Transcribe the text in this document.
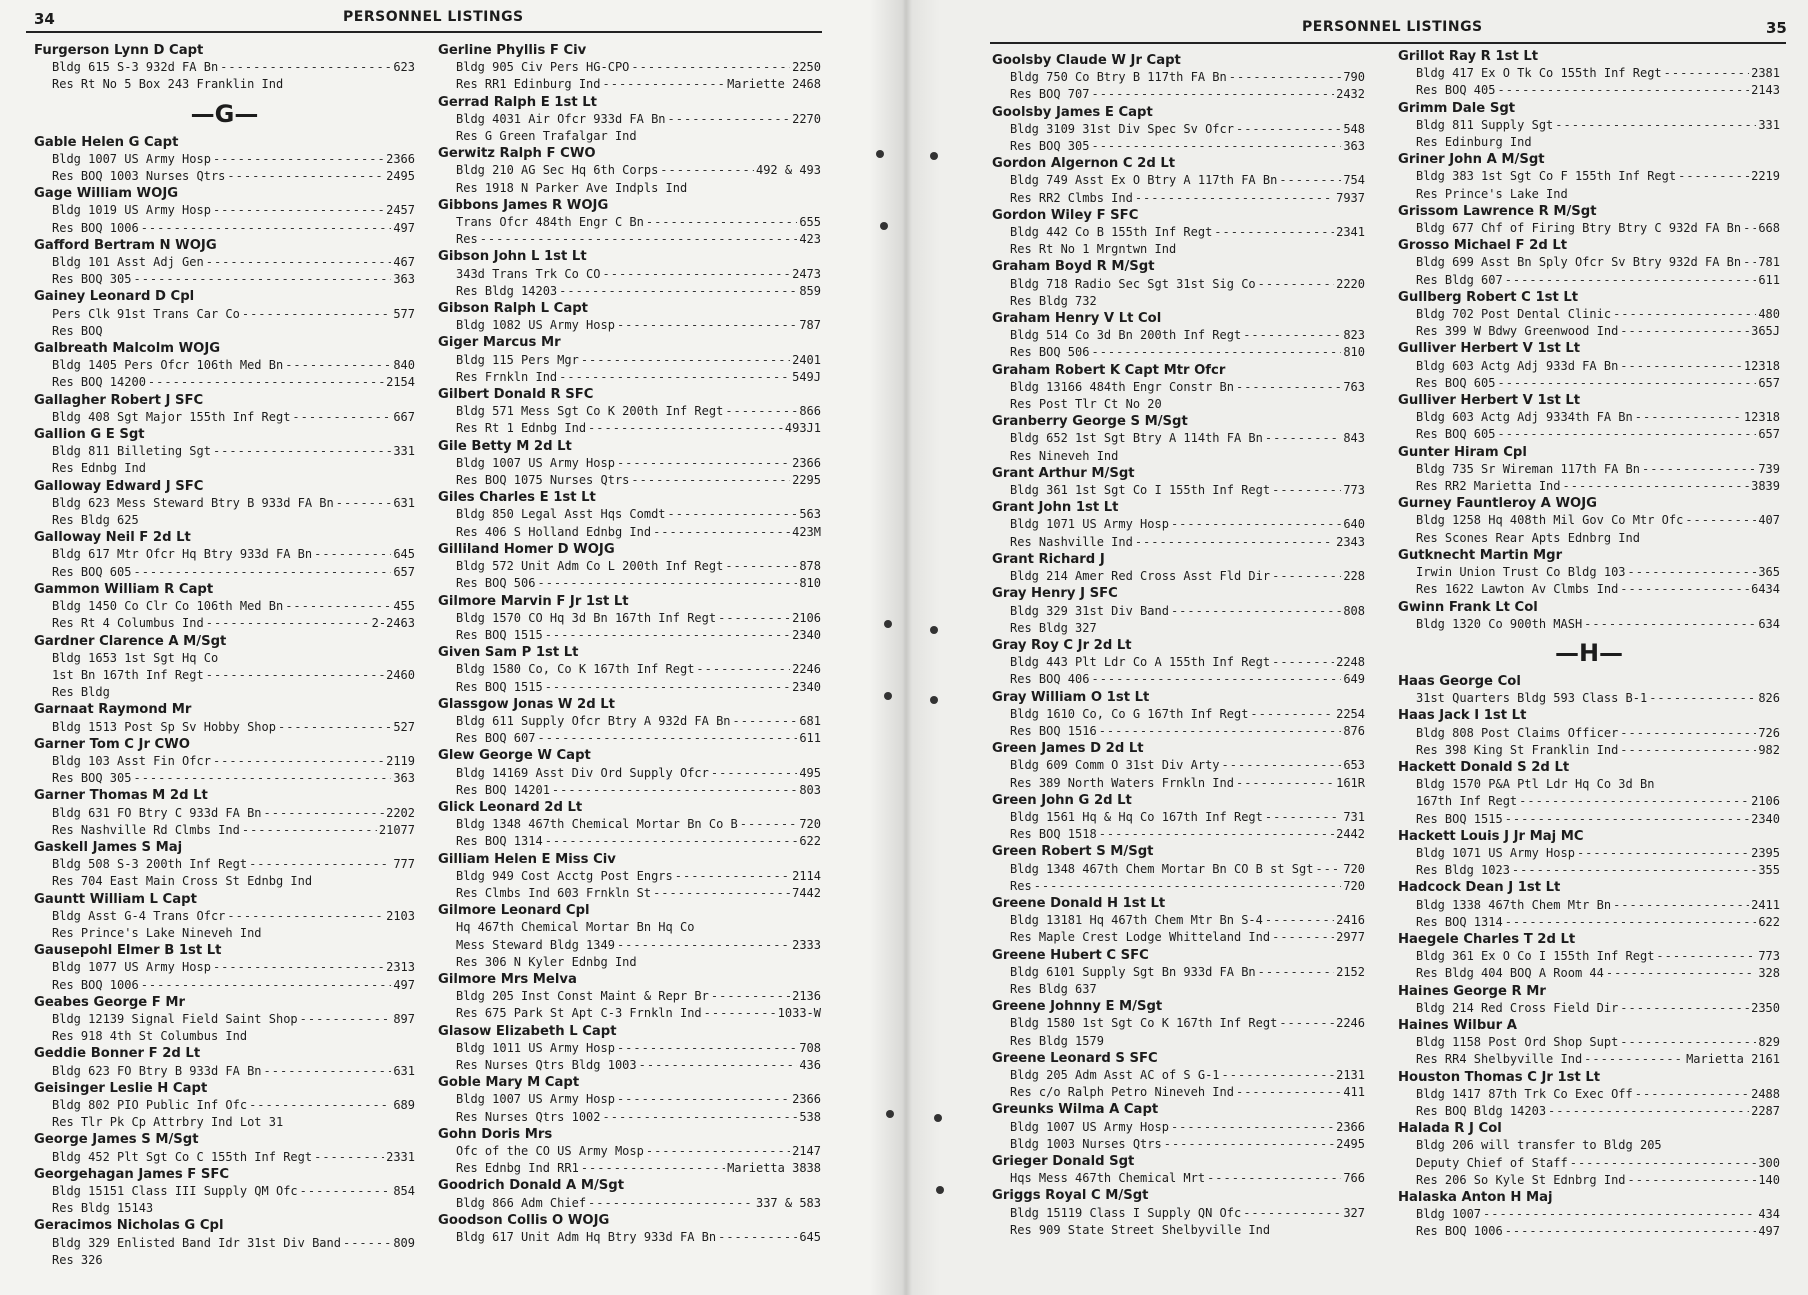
34	PERSONNEL LISTINGS
Furgerson Lynn D Capt
Bldg 615 S-3 932d FA Bn -----	623
Res Rt No 5 Box 243 Franklin Ind
—G—
Gable Helen G Capt
Bldg 1007 US Army Hosp -----	2366
Res BOQ 1003 Nurses Qtrs -----	2495
Gage William WOJG
Bldg 1019 US Army Hosp -----	2457
Res BOQ 1006 -----	497
Gafford Bertram N WOJG
Bldg 101 Asst Adj Gen -----	467
Res BOQ 305 -----	363
Gainey Leonard D Cpl
Pers Clk 91st Trans Car Co -----	577
Res BOQ
Galbreath Malcolm WOJG
Bldg 1405 Pers Ofcr 106th Med Bn -----	840
Res BOQ 14200 -----	2154
Gallagher Robert J SFC
Bldg 408 Sgt Major 155th Inf Regt -----	667
Gallion G E Sgt
Bldg 811 Billeting Sgt -----	331
Res Ednbg Ind
Galloway Edward J SFC
Bldg 623 Mess Steward Btry B 933d FA Bn -----	631
Res Bldg 625
Galloway Neil F 2d Lt
Bldg 617 Mtr Ofcr Hq Btry 933d FA Bn -----	645
Res BOQ 605 -----	657
Gammon William R Capt
Bldg 1450 Co Clr Co 106th Med Bn -----	455
Res Rt 4 Columbus Ind -----	2-2463
Gardner Clarence A M/Sgt
Bldg 1653 1st Sgt Hq Co
1st Bn 167th Inf Regt -----	2460
Res Bldg
Garnaat Raymond Mr
Bldg 1513 Post Sp Sv Hobby Shop -----	527
Garner Tom C Jr CWO
Bldg 103 Asst Fin Ofcr -----	2119
Res BOQ 305 -----	363
Garner Thomas M 2d Lt
Bldg 631 FO Btry C 933d FA Bn -----	2202
Res Nashville Rd Clmbs Ind -----	21077
Gaskell James S Maj
Bldg 508 S-3 200th Inf Regt -----	777
Res 704 East Main Cross St Ednbg Ind
Gauntt William L Capt
Bldg Asst G-4 Trans Ofcr -----	2103
Res Prince's Lake Nineveh Ind
Gausepohl Elmer B 1st Lt
Bldg 1077 US Army Hosp -----	2313
Res BOQ 1006 -----	497
Geabes George F Mr
Bldg 12139 Signal Field Saint Shop -----	897
Res 918 4th St Columbus Ind
Geddie Bonner F 2d Lt
Bldg 623 FO Btry B 933d FA Bn -----	631
Geisinger Leslie H Capt
Bldg 802 PIO Public Inf Ofc -----	689
Res Tlr Pk Cp Attrbry Ind Lot 31
George James S M/Sgt
Bldg 452 Plt Sgt Co C 155th Inf Regt -----	2331
Georgehagan James F SFC
Bldg 15151 Class III Supply QM Ofc -----	854
Res Bldg 15143
Geracimos Nicholas G Cpl
Bldg 329 Enlisted Band Idr 31st Div Band -----	809
Res 326
Gerline Phyllis F Civ
Bldg 905 Civ Pers HG-CPO -----	2250
Res RR1 Edinburg Ind -----	Mariette 2468
Gerrad Ralph E 1st Lt
Bldg 4031 Air Ofcr 933d FA Bn -----	2270
Res G Green Trafalgar Ind
Gerwitz Ralph F CWO
Bldg 210 AG Sec Hq 6th Corps -----	492 & 493
Res 1918 N Parker Ave Indpls Ind
Gibbons James R WOJG
Trans Ofcr 484th Engr C Bn -----	655
Res -----	423
Gibson John L 1st Lt
343d Trans Trk Co CO -----	2473
Res Bldg 14203 -----	859
Gibson Ralph L Capt
Bldg 1082 US Army Hosp -----	787
Giger Marcus Mr
Bldg 115 Pers Mgr -----	2401
Res Frnkln Ind -----	549J
Gilbert Donald R SFC
Bldg 571 Mess Sgt Co K 200th Inf Regt -----	866
Res Rt 1 Ednbg Ind -----	493J1
Gile Betty M 2d Lt
Bldg 1007 US Army Hosp -----	2366
Res BOQ 1075 Nurses Qtrs -----	2295
Giles Charles E 1st Lt
Bldg 850 Legal Asst Hqs Comdt -----	563
Res 406 S Holland Ednbg Ind -----	423M
Gilliland Homer D WOJG
Bldg 572 Unit Adm Co L 200th Inf Regt -----	878
Res BOQ 506 -----	810
Gilmore Marvin F Jr 1st Lt
Bldg 1570 CO Hq 3d Bn 167th Inf Regt -----	2106
Res BOQ 1515 -----	2340
Given Sam P 1st Lt
Bldg 1580 Co, Co K 167th Inf Regt -----	2246
Res BOQ 1515 -----	2340
Glassgow Jonas W 2d Lt
Bldg 611 Supply Ofcr Btry A 932d FA Bn -----	681
Res BOQ 607 -----	611
Glew George W Capt
Bldg 14169 Asst Div Ord Supply Ofcr -----	495
Res BOQ 14201 -----	803
Glick Leonard 2d Lt
Bldg 1348 467th Chemical Mortar Bn Co B -----	720
Res BOQ 1314 -----	622
Gilliam Helen E Miss Civ
Bldg 949 Cost Acctg Post Engrs -----	2114
Res Clmbs Ind 603 Frnkln St -----	7442
Gilmore Leonard Cpl
Hq 467th Chemical Mortar Bn Hq Co
Mess Steward Bldg 1349 -----	2333
Res 306 N Kyler Ednbg Ind
Gilmore Mrs Melva
Bldg 205 Inst Const Maint & Repr Br -----	2136
Res 675 Park St Apt C-3 Frnkln Ind -----	1033-W
Glasow Elizabeth L Capt
Bldg 1011 US Army Hosp -----	708
Res Nurses Qtrs Bldg 1003 -----	436
Goble Mary M Capt
Bldg 1007 US Army Hosp -----	2366
Res Nurses Qtrs 1002 -----	538
Gohn Doris Mrs
Ofc of the CO US Army Mosp -----	2147
Res Ednbg Ind RR1 -----	Marietta 3838
Goodrich Donald A M/Sgt
Bldg 866 Adm Chief -----	337 & 583
Goodson Collis O WOJG
Bldg 617 Unit Adm Hq Btry 933d FA Bn -----	645
PERSONNEL LISTINGS	35
Goolsby Claude W Jr Capt
Bldg 750 Co Btry B 117th FA Bn -----	790
Res BOQ 707 -----	2432
Goolsby James E Capt
Bldg 3109 31st Div Spec Sv Ofcr -----	548
Res BOQ 305 -----	363
Gordon Algernon C 2d Lt
Bldg 749 Asst Ex O Btry A 117th FA Bn -----	754
Res RR2 Clmbs Ind -----	7937
Gordon Wiley F SFC
Bldg 442 Co B 155th Inf Regt -----	2341
Res Rt No 1 Mrgntwn Ind
Graham Boyd R M/Sgt
Bldg 718 Radio Sec Sgt 31st Sig Co -----	2220
Res Bldg 732
Graham Henry V Lt Col
Bldg 514 Co 3d Bn 200th Inf Regt -----	823
Res BOQ 506 -----	810
Graham Robert K Capt Mtr Ofcr
Bldg 13166 484th Engr Constr Bn -----	763
Res Post Tlr Ct No 20
Granberry George S M/Sgt
Bldg 652 1st Sgt Btry A 114th FA Bn -----	843
Res Nineveh Ind
Grant Arthur M/Sgt
Bldg 361 1st Sgt Co I 155th Inf Regt -----	773
Grant John 1st Lt
Bldg 1071 US Army Hosp -----	640
Res Nashville Ind -----	2343
Grant Richard J
Bldg 214 Amer Red Cross Asst Fld Dir -----	228
Gray Henry J SFC
Bldg 329 31st Div Band -----	808
Res Bldg 327
Gray Roy C Jr 2d Lt
Bldg 443 Plt Ldr Co A 155th Inf Regt -----	2248
Res BOQ 406 -----	649
Gray William O 1st Lt
Bldg 1610 Co, Co G 167th Inf Regt -----	2254
Res BOQ 1516 -----	876
Green James D 2d Lt
Bldg 609 Comm O 31st Div Arty -----	653
Res 389 North Waters Frnkln Ind -----	161R
Green John G 2d Lt
Bldg 1561 Hq & Hq Co 167th Inf Regt -----	731
Res BOQ 1518 -----	2442
Green Robert S M/Sgt
Bldg 1348 467th Chem Mortar Bn CO B st Sgt ----- 720
Res -----	720
Greene Donald H 1st Lt
Bldg 13181 Hq 467th Chem Mtr Bn S-4 -----	2416
Res Maple Crest Lodge Whitteland Ind -----	2977
Greene Hubert C SFC
Bldg 6101 Supply Sgt Bn 933d FA Bn -----	2152
Res Bldg 637
Greene Johnny E M/Sgt
Bldg 1580 1st Sgt Co K 167th Inf Regt -----	2246
Res Bldg 1579
Greene Leonard S SFC
Bldg 205 Adm Asst AC of S G-1 -----	2131
Res c/o Ralph Petro Nineveh Ind -----	411
Greunks Wilma A Capt
Bldg 1007 US Army Hosp -----	2366
Bldg 1003 Nurses Qtrs -----	2495
Grieger Donald Sgt
Hqs Mess 467th Chemical Mrt -----	766
Griggs Royal C M/Sgt
Bldg 15119 Class I Supply QN Ofc -----	327
Res 909 State Street Shelbyville Ind
Grillot Ray R 1st Lt
Bldg 417 Ex O Tk Co 155th Inf Regt -----	2381
Res BOQ 405 -----	2143
Grimm Dale Sgt
Bldg 811 Supply Sgt -----	331
Res Edinburg Ind
Griner John A M/Sgt
Bldg 383 1st Sgt Co F 155th Inf Regt -----	2219
Res Prince's Lake Ind
Grissom Lawrence R M/Sgt
Bldg 677 Chf of Firing Btry Btry C 932d FA Bn ----- 668
Grosso Michael F 2d Lt
Bldg 699 Asst Bn Sply Ofcr Sv Btry 932d FA Bn ----- 781
Res Bldg 607 -----	611
Gullberg Robert C 1st Lt
Bldg 702 Post Dental Clinic -----	480
Res 399 W Bdwy Greenwood Ind -----	365J
Gulliver Herbert V 1st Lt
Bldg 603 Actg Adj 933d FA Bn -----	12318
Res BOQ 605 -----	657
Gulliver Herbert V 1st Lt
Bldg 603 Actg Adj 9334th FA Bn -----	12318
Res BOQ 605 -----	657
Gunter Hiram Cpl
Bldg 735 Sr Wireman 117th FA Bn -----	739
Res RR2 Marietta Ind -----	3839
Gurney Fauntleroy A WOJG
Bldg 1258 Hq 408th Mil Gov Co Mtr Ofc -----	407
Res Scones Rear Apts Ednbrg Ind
Gutknecht Martin Mgr
Irwin Union Trust Co Bldg 103 -----	365
Res 1622 Lawton Av Clmbs Ind -----	6434
Gwinn Frank Lt Col
Bldg 1320 Co 900th MASH -----	634
—H—
Haas George Col
31st Quarters Bldg 593 Class B-1 -----	826
Haas Jack I 1st Lt
Bldg 808 Post Claims Officer -----	726
Res 398 King St Franklin Ind -----	982
Hackett Donald S 2d Lt
Bldg 1570 P&A Ptl Ldr Hq Co 3d Bn
167th Inf Regt -----	2106
Res BOQ 1515 -----	2340
Hackett Louis J Jr Maj MC
Bldg 1071 US Army Hosp -----	2395
Res Bldg 1023 -----	355
Hadcock Dean J 1st Lt
Bldg 1338 467th Chem Mtr Bn -----	2411
Res BOQ 1314 -----	622
Haegele Charles T 2d Lt
Bldg 361 Ex O Co I 155th Inf Regt -----	773
Res Bldg 404 BOQ A Room 44 -----	328
Haines George R Mr
Bldg 214 Red Cross Field Dir -----	2350
Haines Wilbur A
Bldg 1158 Post Ord Shop Supt -----	829
Res RR4 Shelbyville Ind -----	Marietta 2161
Houston Thomas C Jr 1st Lt
Bldg 1417 87th Trk Co Exec Off -----	2488
Res BOQ Bldg 14203 -----	2287
Halada R J Col
Bldg 206 will transfer to Bldg 205
Deputy Chief of Staff -----	300
Res 206 So Kyle St Ednbrg Ind -----	140
Halaska Anton H Maj
Bldg 1007 -----	434
Res BOQ 1006 -----	497
